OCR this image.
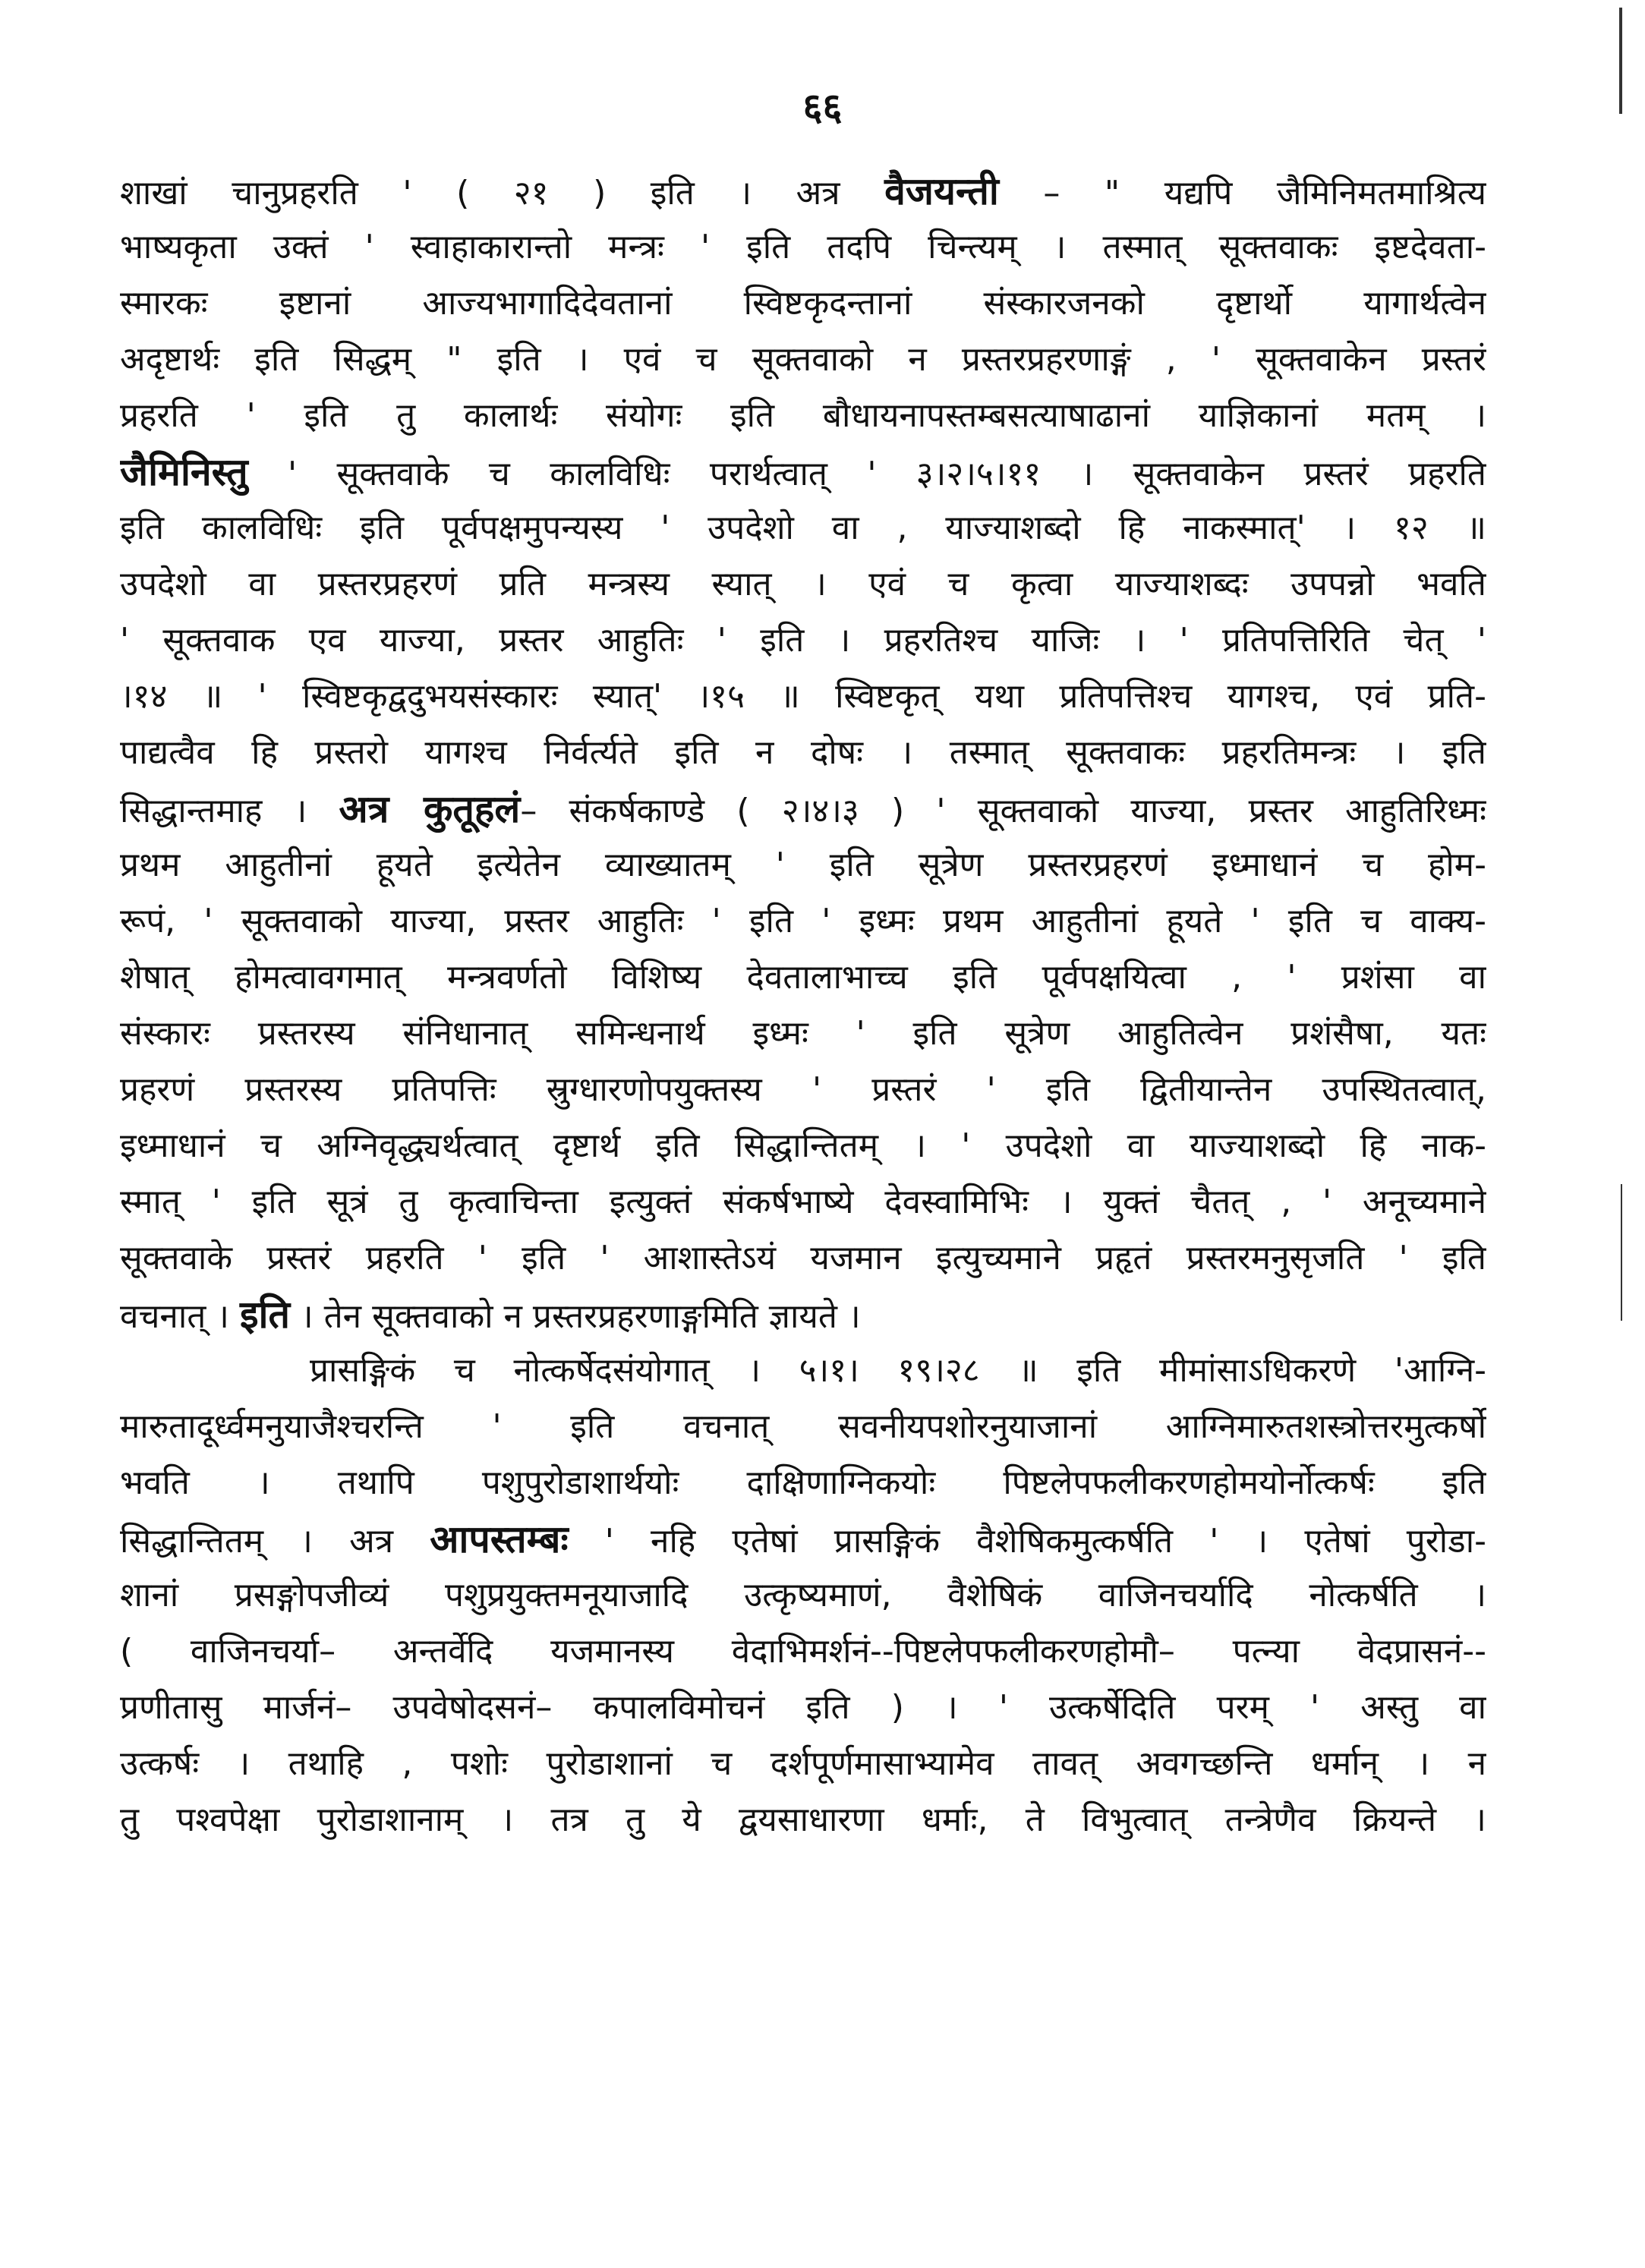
६६
शाखां चानुप्रहरति ' ( २१ ) इति । अत्र वैजयन्ती – " यद्यपि जैमिनिमतमाश्रित्य
भाष्यकृता उक्तं ' स्वाहाकारान्तो मन्त्रः ' इति तदपि चिन्त्यम् । तस्मात् सूक्तवाकः इष्टदेवता-
स्मारकः इष्टानां आज्यभागादिदेवतानां स्विष्टकृदन्तानां संस्कारजनको दृष्टार्थो यागार्थत्वेन
अदृष्टार्थः इति सिद्धम् " इति । एवं च सूक्तवाको न प्रस्तरप्रहरणाङ्गं , ' सूक्तवाकेन प्रस्तरं
प्रहरति ' इति तु कालार्थः संयोगः इति बौधायनापस्तम्बसत्याषाढानां याज्ञिकानां मतम् ।
जैमिनिस्तु ' सूक्तवाके च कालविधिः परार्थत्वात् ' ३।२।५।११ । सूक्तवाकेन प्रस्तरं प्रहरति
इति कालविधिः इति पूर्वपक्षमुपन्यस्य ' उपदेशो वा , याज्याशब्दो हि नाकस्मात्' । १२ ॥
उपदेशो वा प्रस्तरप्रहरणं प्रति मन्त्रस्य स्यात् । एवं च कृत्वा याज्याशब्दः उपपन्नो भवति
' सूक्तवाक एव याज्या, प्रस्तर आहुतिः ' इति । प्रहरतिश्च याजिः । ' प्रतिपत्तिरिति चेत् '
।१४ ॥ ' स्विष्टकृद्वदुभयसंस्कारः स्यात्' ।१५ ॥ स्विष्टकृत् यथा प्रतिपत्तिश्च यागश्च, एवं प्रति-
पाद्यत्वैव हि प्रस्तरो यागश्च निर्वर्त्यते इति न दोषः । तस्मात् सूक्तवाकः प्रहरतिमन्त्रः । इति
सिद्धान्तमाह । अत्र कुतूहलं– संकर्षकाण्डे ( २।४।३ ) ' सूक्तवाको याज्या, प्रस्तर आहुतिरिध्मः
प्रथम आहुतीनां हूयते इत्येतेन व्याख्यातम् ' इति सूत्रेण प्रस्तरप्रहरणं इध्माधानं च होम-
रूपं, ' सूक्तवाको याज्या, प्रस्तर आहुतिः ' इति ' इध्मः प्रथम आहुतीनां हूयते ' इति च वाक्य-
शेषात् होमत्वावगमात् मन्त्रवर्णतो विशिष्य देवतालाभाच्च इति पूर्वपक्षयित्वा , ' प्रशंसा वा
संस्कारः प्रस्तरस्य संनिधानात् समिन्धनार्थ इध्मः ' इति सूत्रेण आहुतित्वेन प्रशंसैषा, यतः
प्रहरणं प्रस्तरस्य प्रतिपत्तिः स्रुग्धारणोपयुक्तस्य ' प्रस्तरं ' इति द्वितीयान्तेन उपस्थितत्वात्,
इध्माधानं च अग्निवृद्ध्यर्थत्वात् दृष्टार्थ इति सिद्धान्तितम् । ' उपदेशो वा याज्याशब्दो हि नाक-
स्मात् ' इति सूत्रं तु कृत्वाचिन्ता इत्युक्तं संकर्षभाष्ये देवस्वामिभिः । युक्तं चैतत् , ' अनूच्यमाने
सूक्तवाके प्रस्तरं प्रहरति ' इति ' आशास्तेऽयं यजमान इत्युच्यमाने प्रहृतं प्रस्तरमनुसृजति ' इति
वचनात् । इति । तेन सूक्तवाको न प्रस्तरप्रहरणाङ्गमिति ज्ञायते ।
प्रासङ्गिकं च नोत्कर्षेदसंयोगात् । ५।१। १९।२८ ॥ इति मीमांसाऽधिकरणे 'आग्नि-
मारुतादूर्ध्वमनुयाजैश्चरन्ति ' इति वचनात् सवनीयपशोरनुयाजानां आग्निमारुतशस्त्रोत्तरमुत्कर्षो
भवति । तथापि पशुपुरोडाशार्थयोः दाक्षिणाग्निकयोः पिष्टलेपफलीकरणहोमयोर्नोत्कर्षः इति
सिद्धान्तितम् । अत्र आपस्तम्बः ' नहि एतेषां प्रासङ्गिकं वैशेषिकमुत्कर्षति ' । एतेषां पुरोडा-
शानां प्रसङ्गोपजीव्यं पशुप्रयुक्तमनूयाजादि उत्कृष्यमाणं, वैशेषिकं वाजिनचर्यादि नोत्कर्षति ।
( वाजिनचर्या– अन्तर्वेदि यजमानस्य वेदाभिमर्शनं--पिष्टलेपफलीकरणहोमौ– पत्न्या वेदप्रासनं--
प्रणीतासु मार्जनं– उपवेषोदसनं– कपालविमोचनं इति ) । ' उत्कर्षेदिति परम् ' अस्तु वा
उत्कर्षः । तथाहि , पशोः पुरोडाशानां च दर्शपूर्णमासाभ्यामेव तावत् अवगच्छन्ति धर्मान् । न
तु पश्वपेक्षा पुरोडाशानाम् । तत्र तु ये द्वयसाधारणा धर्माः, ते विभुत्वात् तन्त्रेणैव क्रियन्ते ।
